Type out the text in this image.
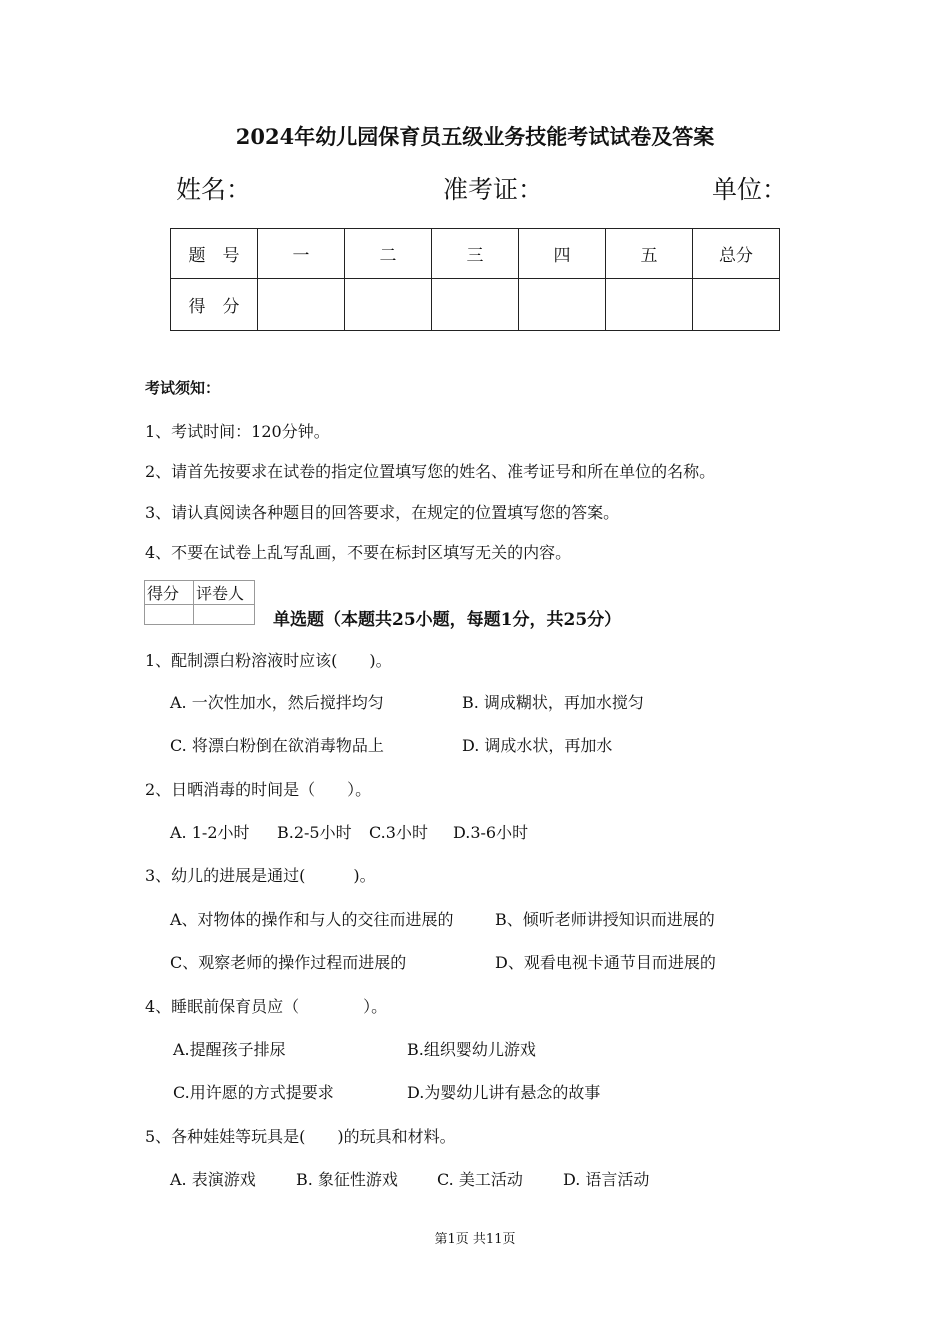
2024年幼儿园保育员五级业务技能考试试卷及答案
姓名：	准考证：	单位：
题　号	一	二	三	四	五	总分
得　分						
考试须知：
1、考试时间：120分钟。
2、请首先按要求在试卷的指定位置填写您的姓名、准考证号和所在单位的名称。
3、请认真阅读各种题目的回答要求，在规定的位置填写您的答案。
4、不要在试卷上乱写乱画，不要在标封区填写无关的内容。
得分	评卷人

单选题（本题共25小题，每题1分，共25分）
1、配制漂白粉溶液时应该(　　)。
A. 一次性加水，然后搅拌均匀	B. 调成糊状，再加水搅匀
C. 将漂白粉倒在欲消毒物品上	D. 调成水状，再加水
2、日晒消毒的时间是（　　）。
A. 1-2小时 B.2-5小时 C.3小时 D.3-6小时
3、幼儿的进展是通过(　　　)。
A、对物体的操作和与人的交往而进展的	B、倾听老师讲授知识而进展的
C、观察老师的操作过程而进展的	D、观看电视卡通节目而进展的
4、睡眠前保育员应（　　　　）。
A.提醒孩子排尿	B.组织婴幼儿游戏
C.用许愿的方式提要求	D.为婴幼儿讲有悬念的故事
5、各种娃娃等玩具是(　　)的玩具和材料。
A. 表演游戏	B. 象征性游戏 C. 美工活动	D. 语言活动
第1页 共11页
